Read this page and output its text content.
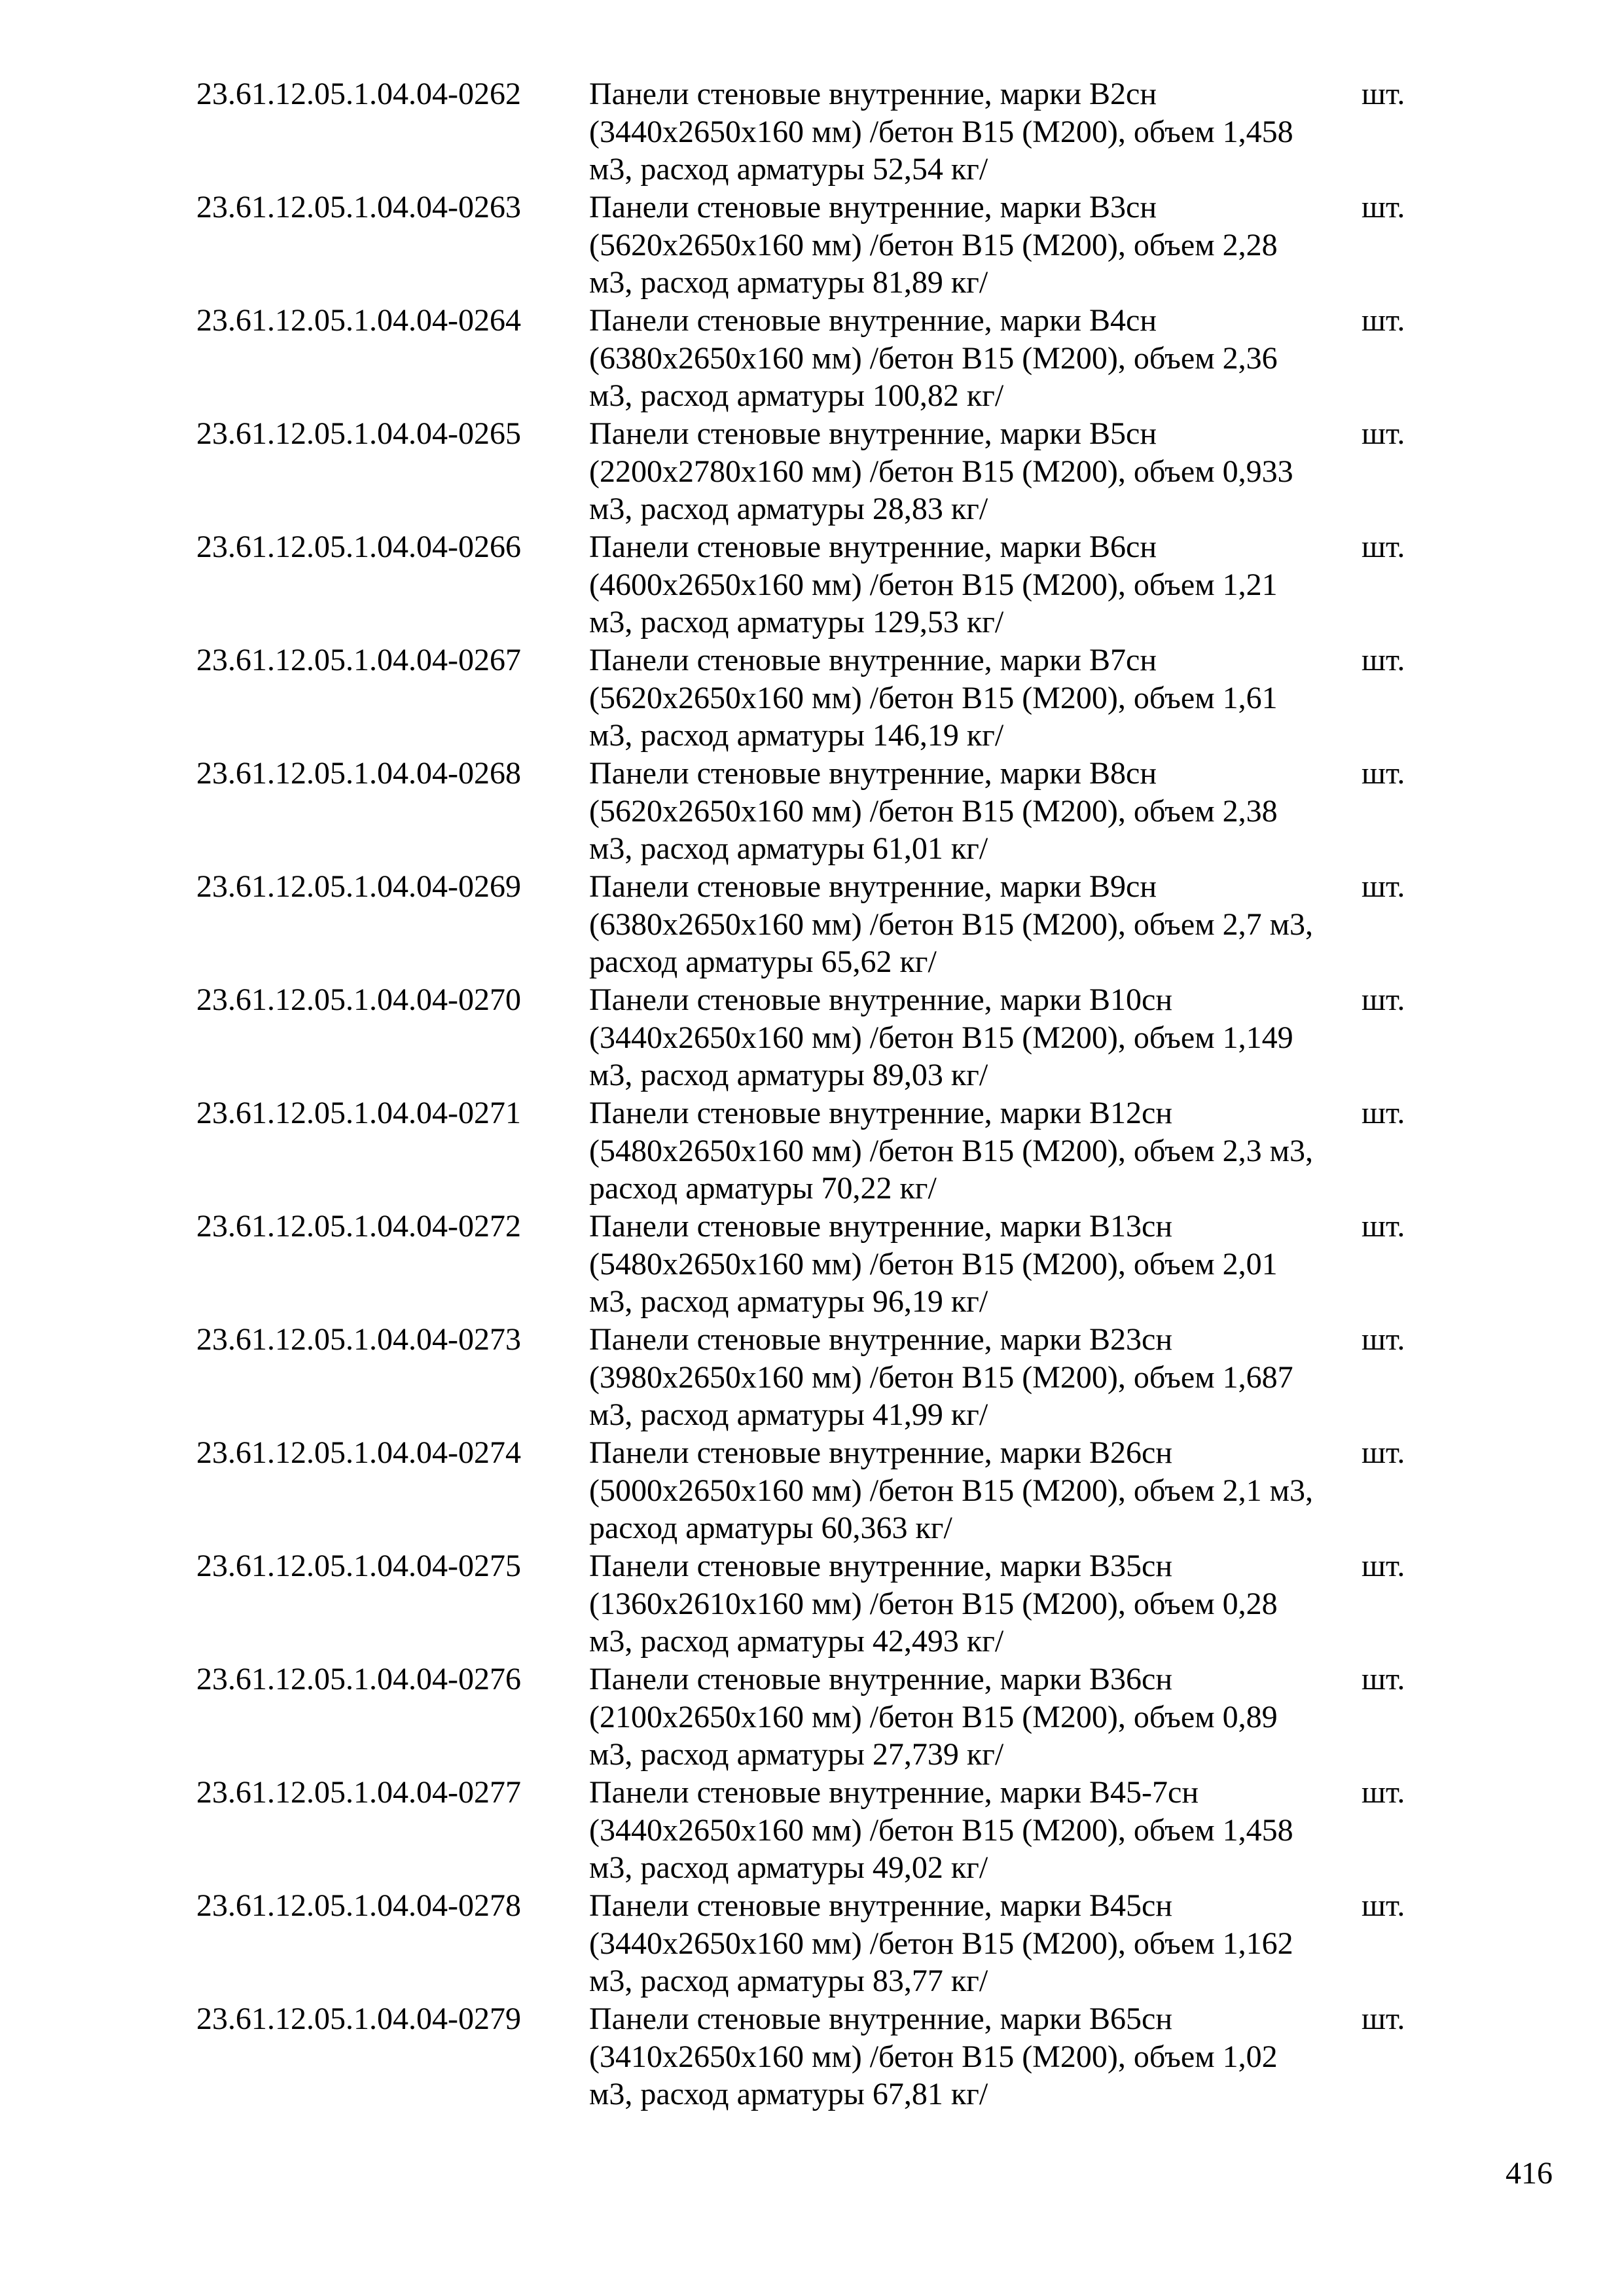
23.61.12.05.1.04.04-0262	Панели стеновые внутренние, марки В2сн
(3440х2650х160 мм) /бетон В15 (М200), объем 1,458
м3, расход арматуры 52,54 кг/
шт.
23.61.12.05.1.04.04-0263	Панели стеновые внутренние, марки В3сн
(5620х2650х160 мм) /бетон В15 (М200), объем 2,28
м3, расход арматуры 81,89 кг/
шт.
23.61.12.05.1.04.04-0264	Панели стеновые внутренние, марки В4сн
(6380х2650х160 мм) /бетон В15 (М200), объем 2,36
м3, расход арматуры 100,82 кг/
шт.
23.61.12.05.1.04.04-0265	Панели стеновые внутренние, марки В5сн
(2200х2780х160 мм) /бетон В15 (М200), объем 0,933
м3, расход арматуры 28,83 кг/
шт.
23.61.12.05.1.04.04-0266	Панели стеновые внутренние, марки В6сн
(4600х2650х160 мм) /бетон В15 (М200), объем 1,21
м3, расход арматуры 129,53 кг/
шт.
23.61.12.05.1.04.04-0267	Панели стеновые внутренние, марки В7сн
(5620х2650х160 мм) /бетон В15 (М200), объем 1,61
м3, расход арматуры 146,19 кг/
шт.
23.61.12.05.1.04.04-0268	Панели стеновые внутренние, марки В8сн
(5620х2650х160 мм) /бетон В15 (М200), объем 2,38
м3, расход арматуры 61,01 кг/
шт.
23.61.12.05.1.04.04-0269	Панели стеновые внутренние, марки В9сн
(6380х2650х160 мм) /бетон В15 (М200), объем 2,7 м3,
расход арматуры 65,62 кг/
шт.
23.61.12.05.1.04.04-0270	Панели стеновые внутренние, марки В10сн
(3440х2650х160 мм) /бетон В15 (М200), объем 1,149
м3, расход арматуры 89,03 кг/
шт.
23.61.12.05.1.04.04-0271	Панели стеновые внутренние, марки В12сн
(5480х2650х160 мм) /бетон В15 (М200), объем 2,3 м3,
расход арматуры 70,22 кг/
шт.
23.61.12.05.1.04.04-0272	Панели стеновые внутренние, марки В13сн
(5480х2650х160 мм) /бетон В15 (М200), объем 2,01
м3, расход арматуры 96,19 кг/
шт.
23.61.12.05.1.04.04-0273	Панели стеновые внутренние, марки В23сн
(3980х2650х160 мм) /бетон В15 (М200), объем 1,687
м3, расход арматуры 41,99 кг/
шт.
23.61.12.05.1.04.04-0274	Панели стеновые внутренние, марки В26сн
(5000х2650х160 мм) /бетон В15 (М200), объем 2,1 м3,
расход арматуры 60,363 кг/
шт.
23.61.12.05.1.04.04-0275	Панели стеновые внутренние, марки В35сн
(1360х2610х160 мм) /бетон В15 (М200), объем 0,28
м3, расход арматуры 42,493 кг/
шт.
23.61.12.05.1.04.04-0276	Панели стеновые внутренние, марки В36сн
(2100х2650х160 мм) /бетон В15 (М200), объем 0,89
м3, расход арматуры 27,739 кг/
шт.
23.61.12.05.1.04.04-0277	Панели стеновые внутренние, марки В45-7сн
(3440х2650х160 мм) /бетон В15 (М200), объем 1,458
м3, расход арматуры 49,02 кг/
шт.
23.61.12.05.1.04.04-0278	Панели стеновые внутренние, марки В45сн
(3440х2650х160 мм) /бетон В15 (М200), объем 1,162
м3, расход арматуры 83,77 кг/
шт.
23.61.12.05.1.04.04-0279	Панели стеновые внутренние, марки В65сн
(3410х2650х160 мм) /бетон В15 (М200), объем 1,02
м3, расход арматуры 67,81 кг/
шт.
416
